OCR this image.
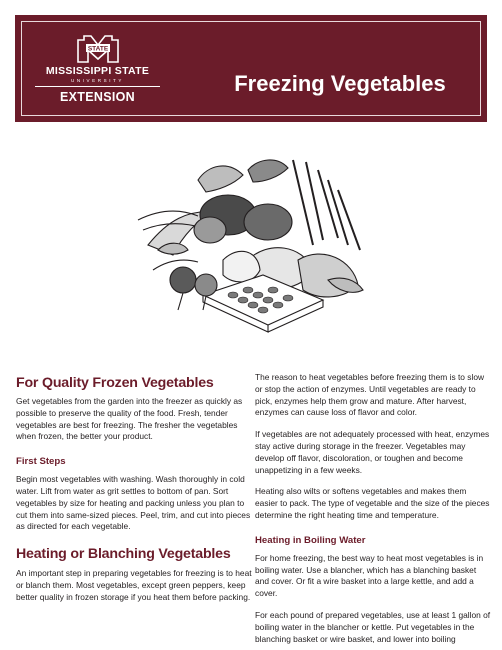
STATE
MISSISSIPPI STATE
UNIVERSITY
EXTENSION
Freezing Vegetables
For Quality Frozen Vegetables

Get vegetables from the garden into the freezer as quickly as possible to preserve the quality of the food. Fresh, tender vegetables are best for freezing. The fresher the vegetables when frozen, the better your product.

First Steps

Begin most vegetables with washing. Wash thoroughly in cold water. Lift from water as grit settles to bottom of pan. Sort vegetables by size for heating and packing unless you plan to cut them into same-sized pieces. Peel, trim, and cut into pieces as directed for each vegetable.

Heating or Blanching Vegetables

An important step in preparing vegetables for freezing is to heat or blanch them. Most vegetables, except green peppers, keep better quality in frozen storage if you heat them before packing.

The reason to heat vegetables before freezing them is to slow or stop the action of enzymes. Until vegetables are ready to pick, enzymes help them grow and mature. After harvest, enzymes can cause loss of flavor and color.

If vegetables are not adequately processed with heat, enzymes stay active during storage in the freezer. Vegetables may develop off flavor, discoloration, or toughen and become unappetizing in a few weeks.

Heating also wilts or softens vegetables and makes them easier to pack. The type of vegetable and the size of the pieces determine the right heating time and temperature.

Heating in Boiling Water

For home freezing, the best way to heat most vegetables is in boiling water. Use a blancher, which has a blanching basket and cover. Or fit a wire basket into a large kettle, and add a cover.

For each pound of prepared vegetables, use at least 1 gallon of boiling water in the blancher or kettle. Put vegetables in the blanching basket or wire basket, and lower into boiling
